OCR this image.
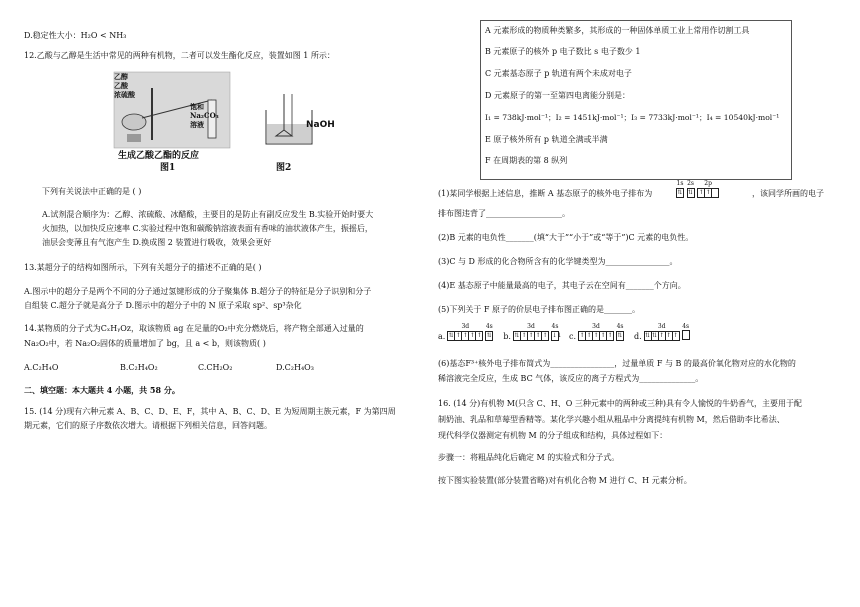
D.稳定性大小：H₂O < NH₃
12.乙酸与乙醇是生活中常见的两种有机物，二者可以发生酯化反应，装置如图 1 所示：
乙醇
乙酸
浓硫酸
饱和
Na₂CO₃
溶液
生成乙酸乙酯的反应
图1
NaOH
图2
下列有关说法中正确的是 ( )
A.试剂混合顺序为：乙醇、浓硫酸、冰醋酸，主要目的是防止有副反应发生 B.实验开始时要大
火加热，以加快反应速率 C.实验过程中饱和碳酸钠溶液表面有香味的油状液体产生，振摇后，
油层会变薄且有气泡产生 D.换成图 2 装置进行吸收，效果会更好
13.某超分子的结构如图所示，下列有关超分子的描述不正确的是( )
A.图示中的超分子是两个不同的分子通过氢键形成的分子聚集体 B.超分子的特征是分子识别和分子
自组装 C.超分子就是高分子 D.图示中的超分子中的 N 原子采取 sp²、sp³杂化
14.某物质的分子式为CₓHᵧOz，取该物质 ag 在足量的O₂中充分燃烧后，将产物全部通入过量的
Na₂O₂中，若 Na₂O₂固体的质量增加了 bg，且 a < b，则该物质( )
A.C₂H₄O	B.C₂H₄O₂	C.CH₂O₂	D.C₂H₄O₃
二、填空题：本大题共 4 小题，共 58 分。
15. (14 分)现有六种元素 A、B、C、D、E、F，其中 A、B、C、D、E 为短周期主族元素，F 为第四周
期元素，它们的原子序数依次增大。请根据下列相关信息，回答问题。
A 元素形成的物质种类繁多，其形成的一种固体单质工业上常用作切割工具
B 元素原子的核外 p 电子数比 s 电子数少 1
C 元素基态原子 p 轨道有两个未成对电子
D 元素原子的第一至第四电离能分别是：
I₁ = 738kJ·mol⁻¹；I₂ = 1451kJ·mol⁻¹；I₃ = 7733kJ·mol⁻¹；I₄ = 10540kJ·mol⁻¹
E 原子核外所有 p 轨道全满或半满
F 在周期表的第 8 纵列
(1)某同学根据上述信息，推断 A 基态原子的核外电子排布为
1s
⇅

2s
⇅

2p
↑ ↑	，该同学所画的电子
排布图违背了___________________。
(2)B 元素的电负性_______(填“大于”“小于”或“等于”)C 元素的电负性。
(3)C 与 D 形成的化合物所含有的化学键类型为________________。
(4)E 基态原子中能量最高的电子，其电子云在空间有_______个方向。
(5)下列关于 F 原子的价层电子排布图正确的是_______。
a.
3d
⇅ ↑ ↑ ↑ ↑
4s
⇅ b.
3d
⇅ ↑ ↑ ↑ ↑
4s
↓↓ c.
3d
↑ ↑ ↑ ↑ ↑
4s
⇅ d.
3d
⇅ ⇅ ↑ ↑ ↑
4s
(6)基态F³⁺核外电子排布简式为________________，过量单质 F 与 B 的最高价氧化物对应的水化物的
稀溶液完全反应，生成 BC 气体，该反应的离子方程式为______________。
16. (14 分)有机物 M(只含 C、H、O 三种元素中的两种或三种)具有令人愉悦的牛奶香气，主要用于配
制奶油、乳品和草莓型香精等。某化学兴趣小组从粗品中分离提纯有机物 M，然后借助李比希法、
现代科学仪器测定有机物 M 的分子组成和结构，具体过程如下：
步骤一：将粗品纯化后确定 M 的实验式和分子式。
按下图实验装置(部分装置省略)对有机化合物 M 进行 C、H 元素分析。
